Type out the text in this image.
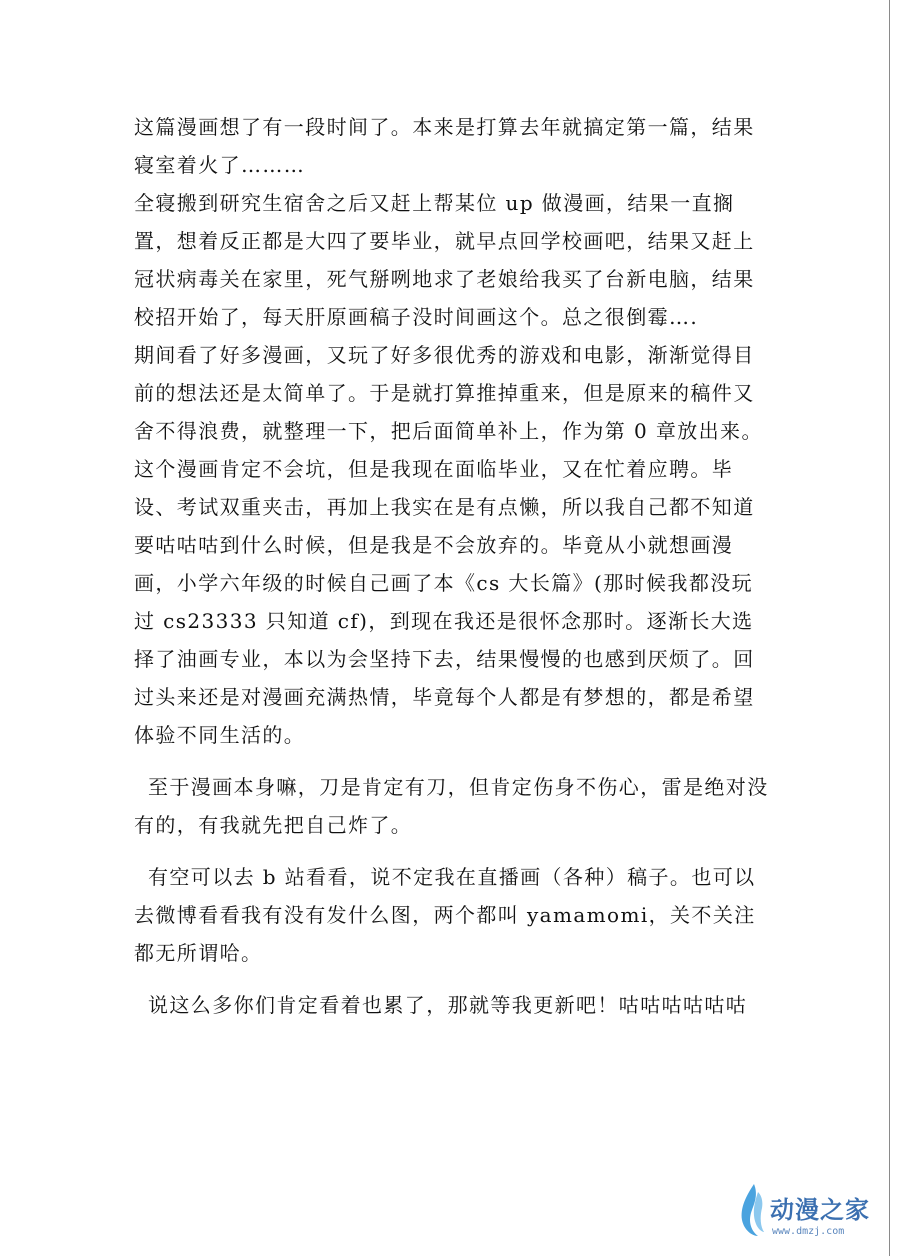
这篇漫画想了有一段时间了。本来是打算去年就搞定第一篇，结果寝室着火了………

全寝搬到研究生宿舍之后又赶上帮某位 up 做漫画，结果一直搁置，想着反正都是大四了要毕业，就早点回学校画吧，结果又赶上冠状病毒关在家里，死气掰咧地求了老娘给我买了台新电脑，结果校招开始了，每天肝原画稿子没时间画这个。总之很倒霉….

期间看了好多漫画，又玩了好多很优秀的游戏和电影，渐渐觉得目前的想法还是太简单了。于是就打算推掉重来，但是原来的稿件又舍不得浪费，就整理一下，把后面简单补上，作为第 0 章放出来。

这个漫画肯定不会坑，但是我现在面临毕业，又在忙着应聘。毕设、考试双重夹击，再加上我实在是有点懒，所以我自己都不知道要咕咕咕到什么时候，但是我是不会放弃的。毕竟从小就想画漫画，小学六年级的时候自己画了本《cs 大长篇》(那时候我都没玩过 cs23333 只知道 cf)，到现在我还是很怀念那时。逐渐长大选择了油画专业，本以为会坚持下去，结果慢慢的也感到厌烦了。回过头来还是对漫画充满热情，毕竟每个人都是有梦想的，都是希望体验不同生活的。

至于漫画本身嘛，刀是肯定有刀，但肯定伤身不伤心，雷是绝对没有的，有我就先把自己炸了。

有空可以去 b 站看看，说不定我在直播画（各种）稿子。也可以去微博看看我有没有发什么图，两个都叫 yamamomi，关不关注都无所谓哈。

说这么多你们肯定看着也累了，那就等我更新吧！咕咕咕咕咕咕

动漫之家
www.dmzj.com
